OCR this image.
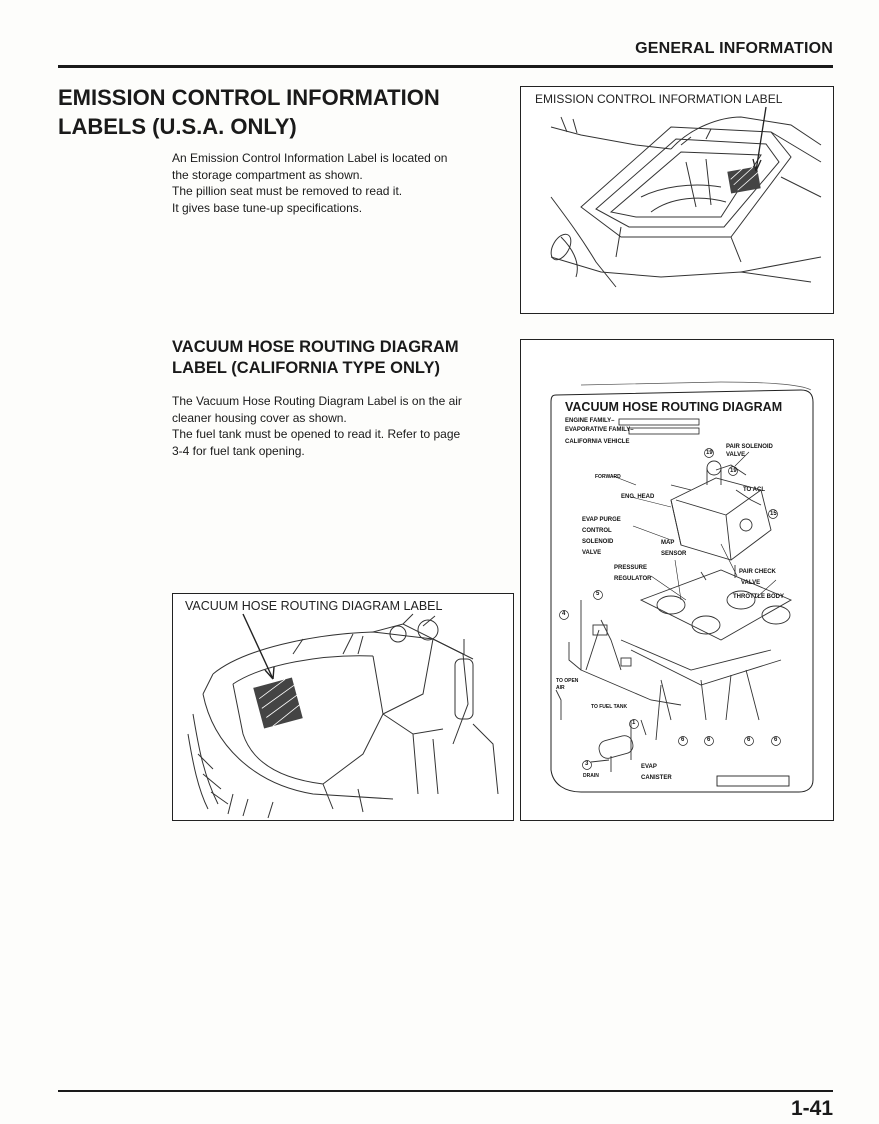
GENERAL INFORMATION
EMISSION CONTROL INFORMATION
LABELS (U.S.A. ONLY)

An Emission Control Information Label is located on
the storage compartment as shown.
The pillion seat must be removed to read it.
It gives base tune-up specifications.

EMISSION CONTROL INFORMATION LABEL
VACUUM HOSE ROUTING DIAGRAM
LABEL (CALIFORNIA TYPE ONLY)

The Vacuum Hose Routing Diagram Label is on the air
cleaner housing cover as shown.
The fuel tank must be opened to read it. Refer to page
3-4 for fuel tank opening.

VACUUM HOSE ROUTING DIAGRAM
ENGINE FAMILY–
EVAPORATIVE FAMILY–
CALIFORNIA VEHICLE
PAIR SOLENOID
VALVE
19
19
TO ACL
FORWARD
ENG. HEAD
15
EVAP PURGE
CONTROL
SOLENOID
VALVE
MAP
SENSOR
PRESSURE
REGULATOR
PAIR CHECK
VALVE
THROTTLE BODY
4
5
TO OPEN
AIR
TO FUEL TANK
1
6	6	6	6
3
DRAIN
EVAP
CANISTER
VACUUM HOSE ROUTING DIAGRAM LABEL
1-41
